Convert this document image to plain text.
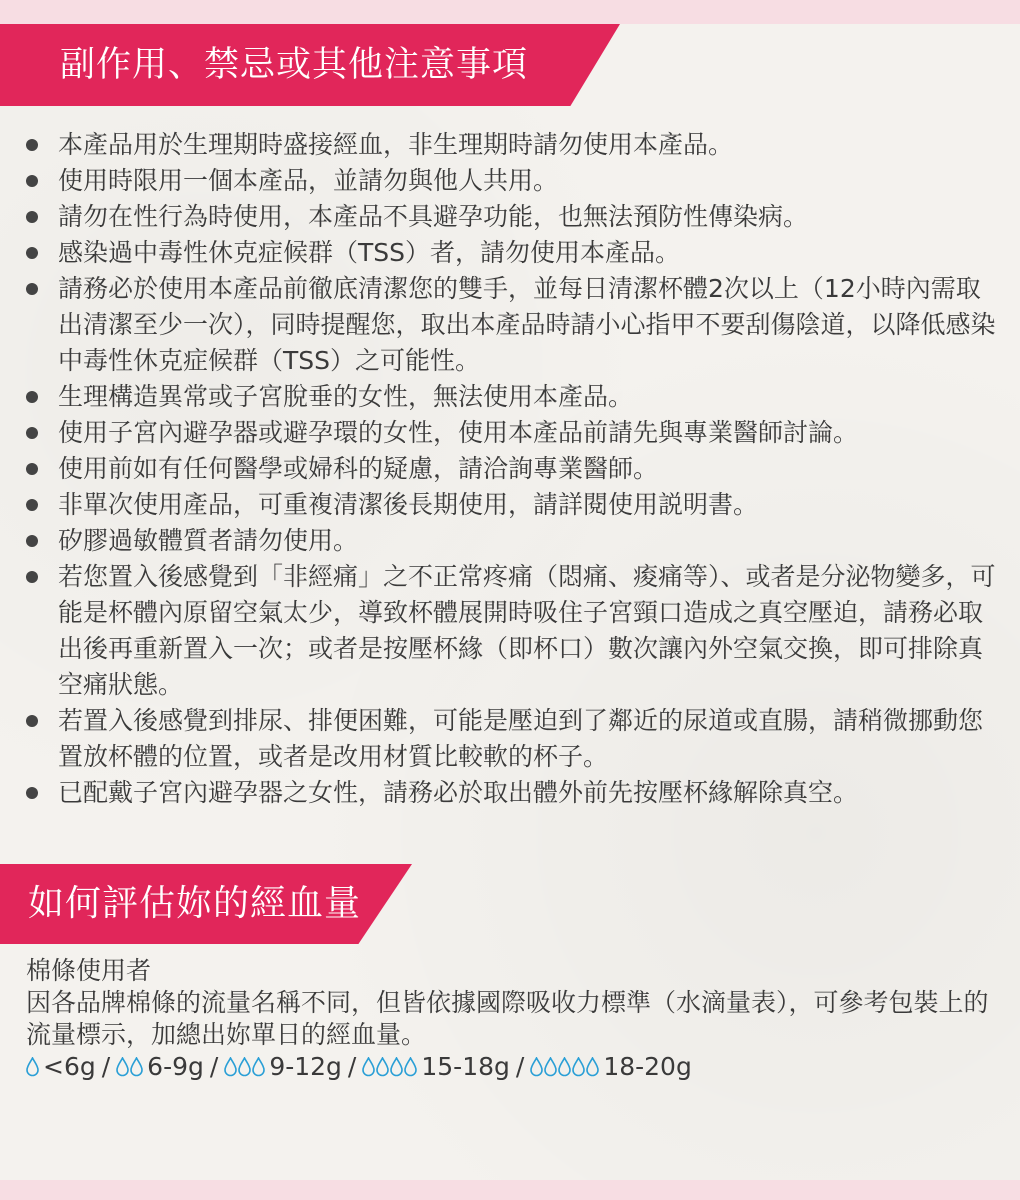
副作用、禁忌或其他注意事項
本產品用於生理期時盛接經血，非生理期時請勿使用本產品。
使用時限用一個本產品，並請勿與他人共用。
請勿在性行為時使用，本產品不具避孕功能，也無法預防性傳染病。
感染過中毒性休克症候群（TSS）者，請勿使用本產品。
請務必於使用本產品前徹底清潔您的雙手，並每日清潔杯體2次以上（12小時內需取出清潔至少一次），同時提醒您，取出本產品時請小心指甲不要刮傷陰道，以降低感染中毒性休克症候群（TSS）之可能性。
生理構造異常或子宮脫垂的女性，無法使用本產品。
使用子宮內避孕器或避孕環的女性，使用本產品前請先與專業醫師討論。
使用前如有任何醫學或婦科的疑慮，請洽詢專業醫師。
非單次使用產品，可重複清潔後長期使用，請詳閱使用説明書。
矽膠過敏體質者請勿使用。
若您置入後感覺到「非經痛」之不正常疼痛（悶痛、痠痛等）、或者是分泌物變多，可能是杯體內原留空氣太少，導致杯體展開時吸住子宮頸口造成之真空壓迫，請務必取出後再重新置入一次；或者是按壓杯緣（即杯口）數次讓內外空氣交換，即可排除真空痛狀態。
若置入後感覺到排尿、排便困難，可能是壓迫到了鄰近的尿道或直腸，請稍微挪動您置放杯體的位置，或者是改用材質比較軟的杯子。
已配戴子宮內避孕器之女性，請務必於取出體外前先按壓杯緣解除真空。
如何評估妳的經血量

棉條使用者

因各品牌棉條的流量名稱不同，但皆依據國際吸收力標準（水滴量表），可參考包裝上的流量標示，加總出妳單日的經血量。

<6g / 6-9g / 9-12g /	15-18g /	18-20g
